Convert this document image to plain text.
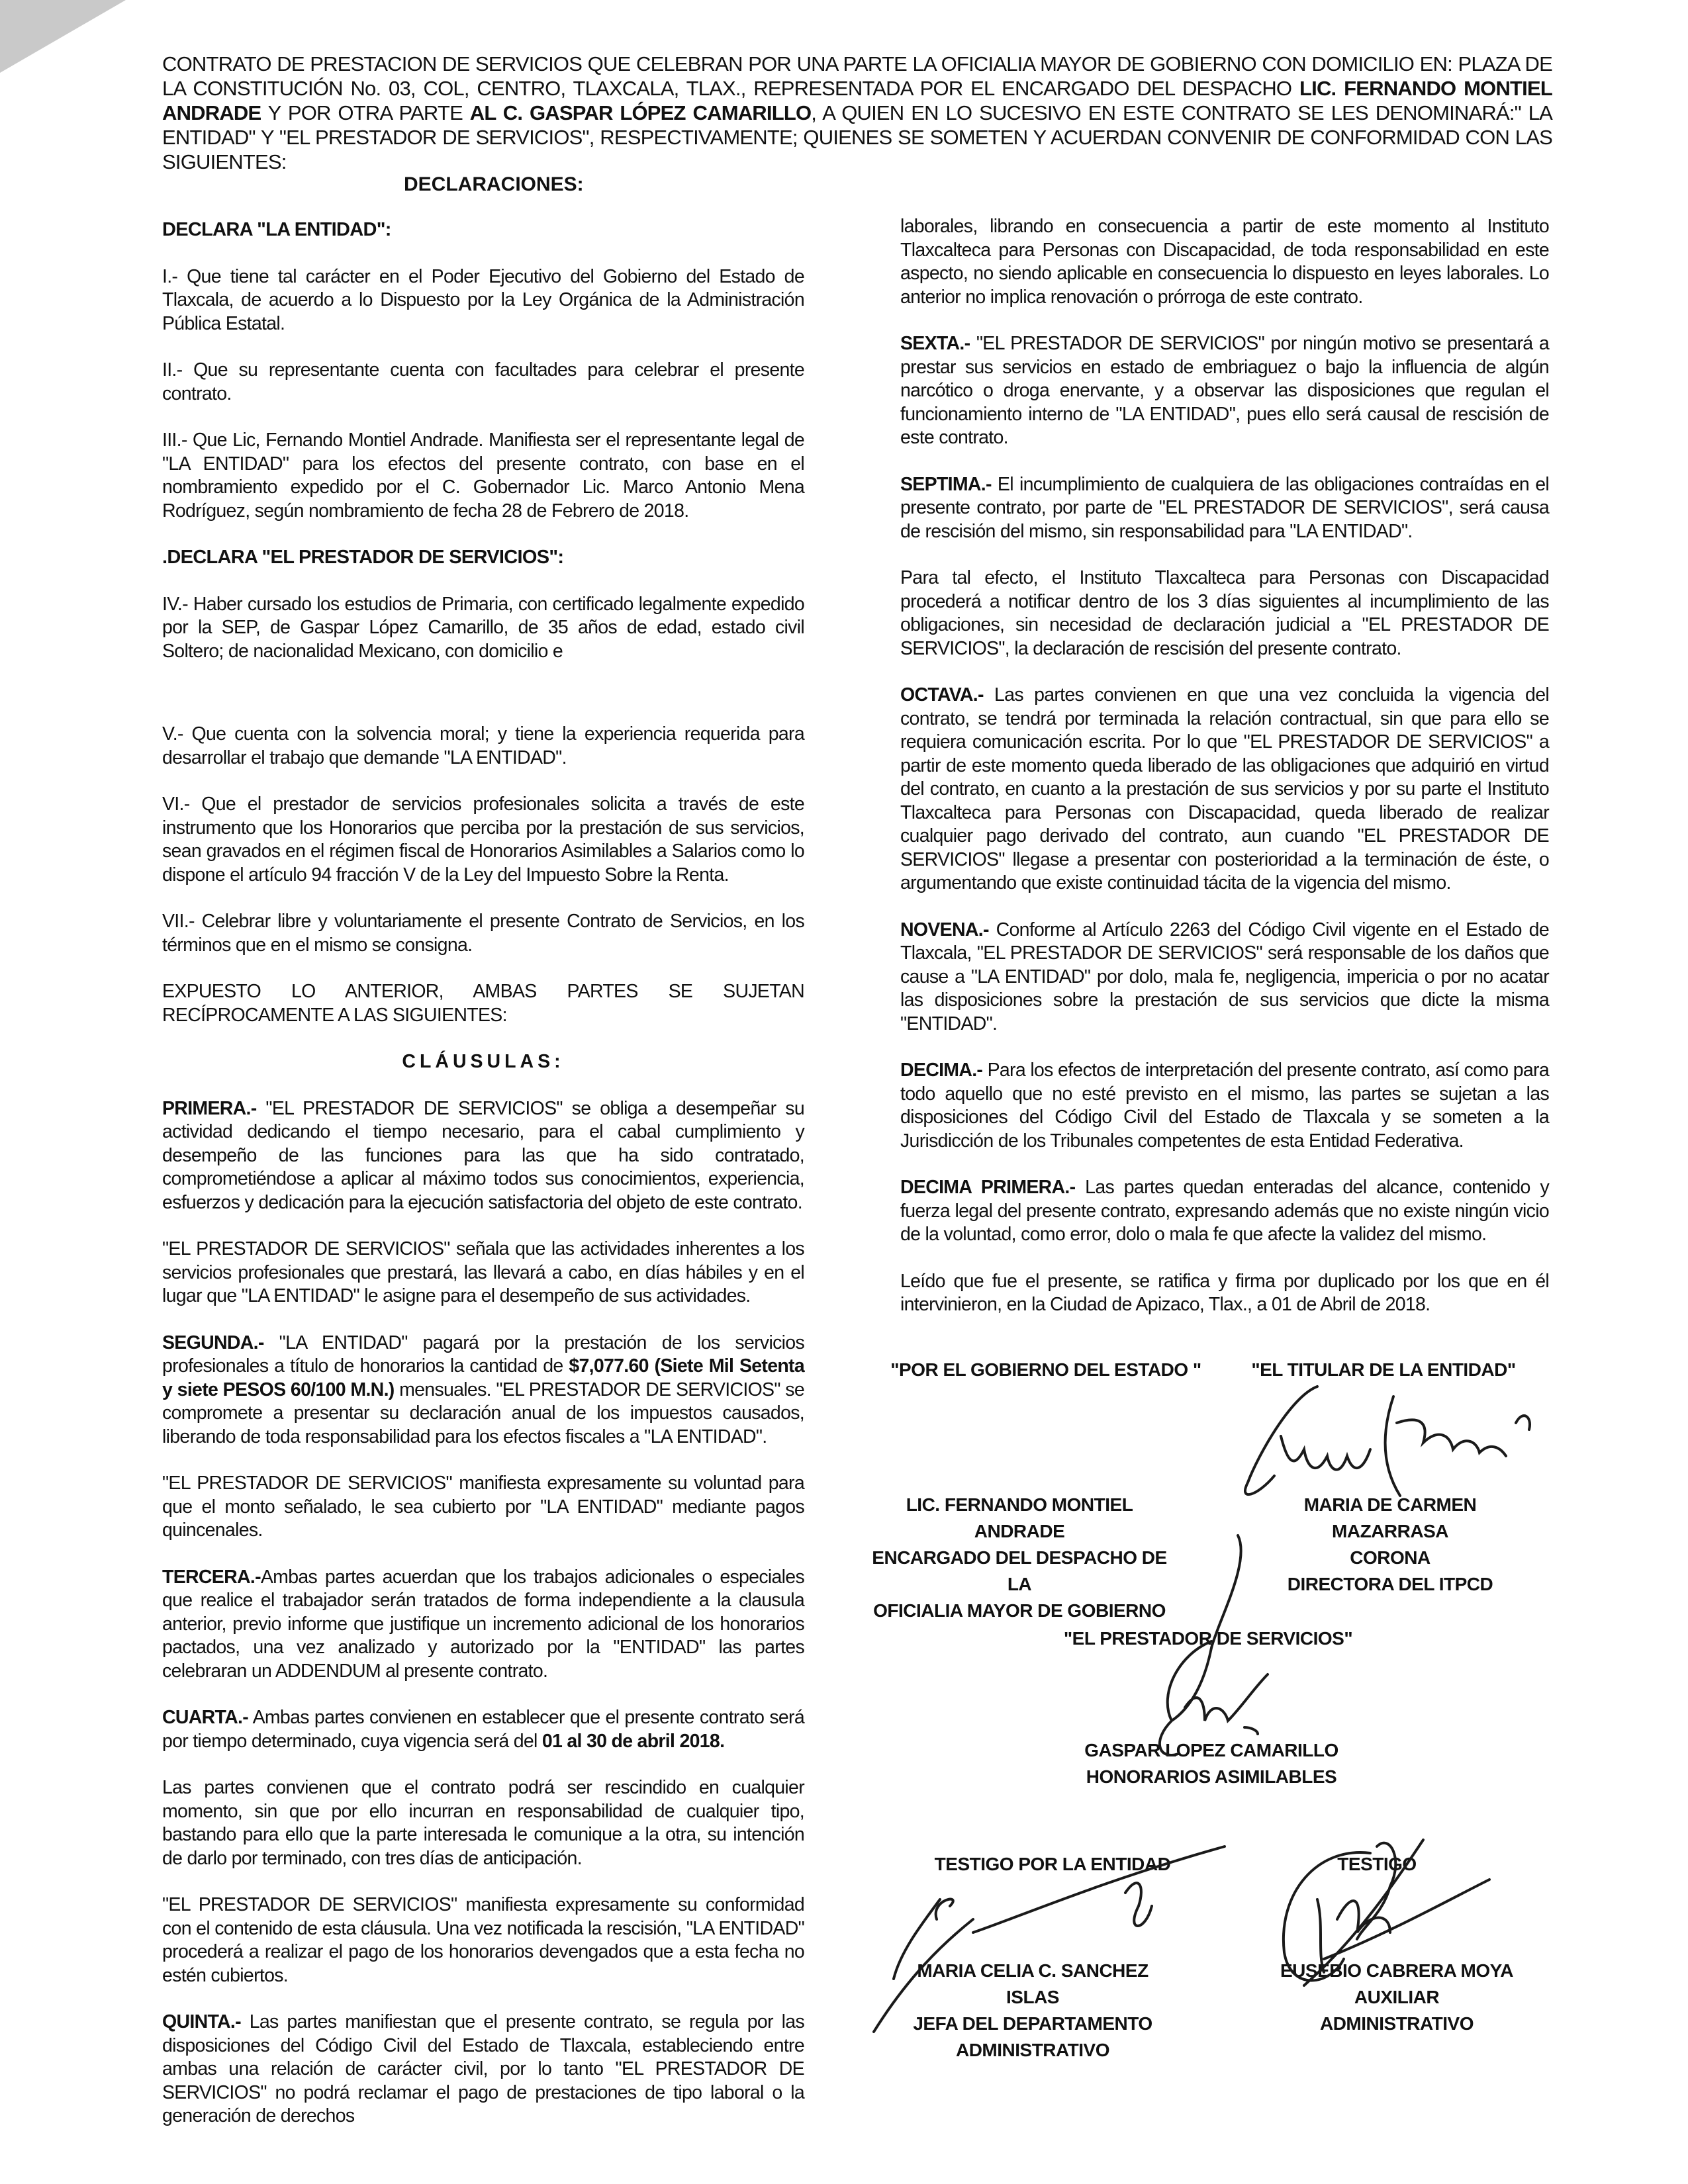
CONTRATO DE PRESTACION DE SERVICIOS QUE CELEBRAN POR UNA PARTE LA OFICIALIA MAYOR DE GOBIERNO CON DOMICILIO EN: PLAZA DE LA CONSTITUCIÓN No. 03, COL, CENTRO, TLAXCALA, TLAX., REPRESENTADA POR EL ENCARGADO DEL DESPACHO LIC. FERNANDO MONTIEL ANDRADE Y POR OTRA PARTE AL C. GASPAR LÓPEZ CAMARILLO, A QUIEN EN LO SUCESIVO EN ESTE CONTRATO SE LES DENOMINARÁ:" LA ENTIDAD" Y "EL PRESTADOR DE SERVICIOS", RESPECTIVAMENTE; QUIENES SE SOMETEN Y ACUERDAN CONVENIR DE CONFORMIDAD CON LAS SIGUIENTES:
DECLARACIONES:

DECLARA "LA ENTIDAD":

I.- Que tiene tal carácter en el Poder Ejecutivo del Gobierno del Estado de Tlaxcala, de acuerdo a lo Dispuesto por la Ley Orgánica de la Administración Pública Estatal.

II.- Que su representante cuenta con facultades para celebrar el presente contrato.

III.- Que Lic, Fernando Montiel Andrade. Manifiesta ser el representante legal de "LA ENTIDAD" para los efectos del presente contrato, con base en el nombramiento expedido por el C. Gobernador Lic. Marco Antonio Mena Rodríguez, según nombramiento de fecha 28 de Febrero de 2018.

.DECLARA "EL PRESTADOR DE SERVICIOS":

IV.- Haber cursado los estudios de Primaria, con certificado legalmente expedido por la SEP, de Gaspar López Camarillo, de 35 años de edad, estado civil Soltero; de nacionalidad Mexicano, con domicilio e

V.- Que cuenta con la solvencia moral; y tiene la experiencia requerida para desarrollar el trabajo que demande "LA ENTIDAD".

VI.- Que el prestador de servicios profesionales solicita a través de este instrumento que los Honorarios que perciba por la prestación de sus servicios, sean gravados en el régimen fiscal de Honorarios Asimilables a Salarios como lo dispone el artículo 94 fracción V de la Ley del Impuesto Sobre la Renta.

VII.- Celebrar libre y voluntariamente el presente Contrato de Servicios, en los términos que en el mismo se consigna.

EXPUESTO LO ANTERIOR, AMBAS PARTES SE SUJETAN RECÍPROCAMENTE A LAS SIGUIENTES:

CLÁUSULAS:

PRIMERA.- "EL PRESTADOR DE SERVICIOS" se obliga a desempeñar su actividad dedicando el tiempo necesario, para el cabal cumplimiento y desempeño de las funciones para las que ha sido contratado, comprometiéndose a aplicar al máximo todos sus conocimientos, experiencia, esfuerzos y dedicación para la ejecución satisfactoria del objeto de este contrato.

"EL PRESTADOR DE SERVICIOS" señala que las actividades inherentes a los servicios profesionales que prestará, las llevará a cabo, en días hábiles y en el lugar que "LA ENTIDAD" le asigne para el desempeño de sus actividades.

SEGUNDA.- "LA ENTIDAD" pagará por la prestación de los servicios profesionales a título de honorarios la cantidad de $7,077.60 (Siete Mil Setenta y siete PESOS 60/100 M.N.) mensuales. "EL PRESTADOR DE SERVICIOS" se compromete a presentar su declaración anual de los impuestos causados, liberando de toda responsabilidad para los efectos fiscales a "LA ENTIDAD".

"EL PRESTADOR DE SERVICIOS" manifiesta expresamente su voluntad para que el monto señalado, le sea cubierto por "LA ENTIDAD" mediante pagos quincenales.

TERCERA.-Ambas partes acuerdan que los trabajos adicionales o especiales que realice el trabajador serán tratados de forma independiente a la clausula anterior, previo informe que justifique un incremento adicional de los honorarios pactados, una vez analizado y autorizado por la "ENTIDAD" las partes celebraran un ADDENDUM al presente contrato.

CUARTA.- Ambas partes convienen en establecer que el presente contrato será por tiempo determinado, cuya vigencia será del 01 al 30 de abril 2018.

Las partes convienen que el contrato podrá ser rescindido en cualquier momento, sin que por ello incurran en responsabilidad de cualquier tipo, bastando para ello que la parte interesada le comunique a la otra, su intención de darlo por terminado, con tres días de anticipación.

"EL PRESTADOR DE SERVICIOS" manifiesta expresamente su conformidad con el contenido de esta cláusula. Una vez notificada la rescisión, "LA ENTIDAD" procederá a realizar el pago de los honorarios devengados que a esta fecha no estén cubiertos.

QUINTA.- Las partes manifiestan que el presente contrato, se regula por las disposiciones del Código Civil del Estado de Tlaxcala, estableciendo entre ambas una relación de carácter civil, por lo tanto "EL PRESTADOR DE SERVICIOS" no podrá reclamar el pago de prestaciones de tipo laboral o la generación de derechos

laborales, librando en consecuencia a partir de este momento al Instituto Tlaxcalteca para Personas con Discapacidad, de toda responsabilidad en este aspecto, no siendo aplicable en consecuencia lo dispuesto en leyes laborales. Lo anterior no implica renovación o prórroga de este contrato.

SEXTA.- "EL PRESTADOR DE SERVICIOS" por ningún motivo se presentará a prestar sus servicios en estado de embriaguez o bajo la influencia de algún narcótico o droga enervante, y a observar las disposiciones que regulan el funcionamiento interno de "LA ENTIDAD", pues ello será causal de rescisión de este contrato.

SEPTIMA.- El incumplimiento de cualquiera de las obligaciones contraídas en el presente contrato, por parte de "EL PRESTADOR DE SERVICIOS", será causa de rescisión del mismo, sin responsabilidad para "LA ENTIDAD".

Para tal efecto, el Instituto Tlaxcalteca para Personas con Discapacidad procederá a notificar dentro de los 3 días siguientes al incumplimiento de las obligaciones, sin necesidad de declaración judicial a "EL PRESTADOR DE SERVICIOS", la declaración de rescisión del presente contrato.

OCTAVA.- Las partes convienen en que una vez concluida la vigencia del contrato, se tendrá por terminada la relación contractual, sin que para ello se requiera comunicación escrita. Por lo que "EL PRESTADOR DE SERVICIOS" a partir de este momento queda liberado de las obligaciones que adquirió en virtud del contrato, en cuanto a la prestación de sus servicios y por su parte el Instituto Tlaxcalteca para Personas con Discapacidad, queda liberado de realizar cualquier pago derivado del contrato, aun cuando "EL PRESTADOR DE SERVICIOS" llegase a presentar con posterioridad a la terminación de éste, o argumentando que existe continuidad tácita de la vigencia del mismo.

NOVENA.- Conforme al Artículo 2263 del Código Civil vigente en el Estado de Tlaxcala, "EL PRESTADOR DE SERVICIOS" será responsable de los daños que cause a "LA ENTIDAD" por dolo, mala fe, negligencia, impericia o por no acatar las disposiciones sobre la prestación de sus servicios que dicte la misma "ENTIDAD".

DECIMA.- Para los efectos de interpretación del presente contrato, así como para todo aquello que no esté previsto en el mismo, las partes se sujetan a las disposiciones del Código Civil del Estado de Tlaxcala y se someten a la Jurisdicción de los Tribunales competentes de esta Entidad Federativa.

DECIMA PRIMERA.- Las partes quedan enteradas del alcance, contenido y fuerza legal del presente contrato, expresando además que no existe ningún vicio de la voluntad, como error, dolo o mala fe que afecte la validez del mismo.

Leído que fue el presente, se ratifica y firma por duplicado por los que en él intervinieron, en la Ciudad de Apizaco, Tlax., a 01 de Abril de 2018.

"POR EL GOBIERNO DEL ESTADO "	"EL TITULAR DE LA ENTIDAD"
LIC. FERNANDO MONTIEL ANDRADE
ENCARGADO DEL DESPACHO DE LA
OFICIALIA MAYOR DE GOBIERNO
MARIA DE CARMEN MAZARRASA
CORONA
DIRECTORA DEL ITPCD
"EL PRESTADOR DE SERVICIOS"
GASPAR LOPEZ CAMARILLO
HONORARIOS ASIMILABLES
TESTIGO POR LA ENTIDAD	TESTIGO
MARIA CELIA C. SANCHEZ ISLAS
JEFA DEL DEPARTAMENTO
ADMINISTRATIVO
EUSEBIO CABRERA MOYA
AUXILIAR ADMINISTRATIVO
